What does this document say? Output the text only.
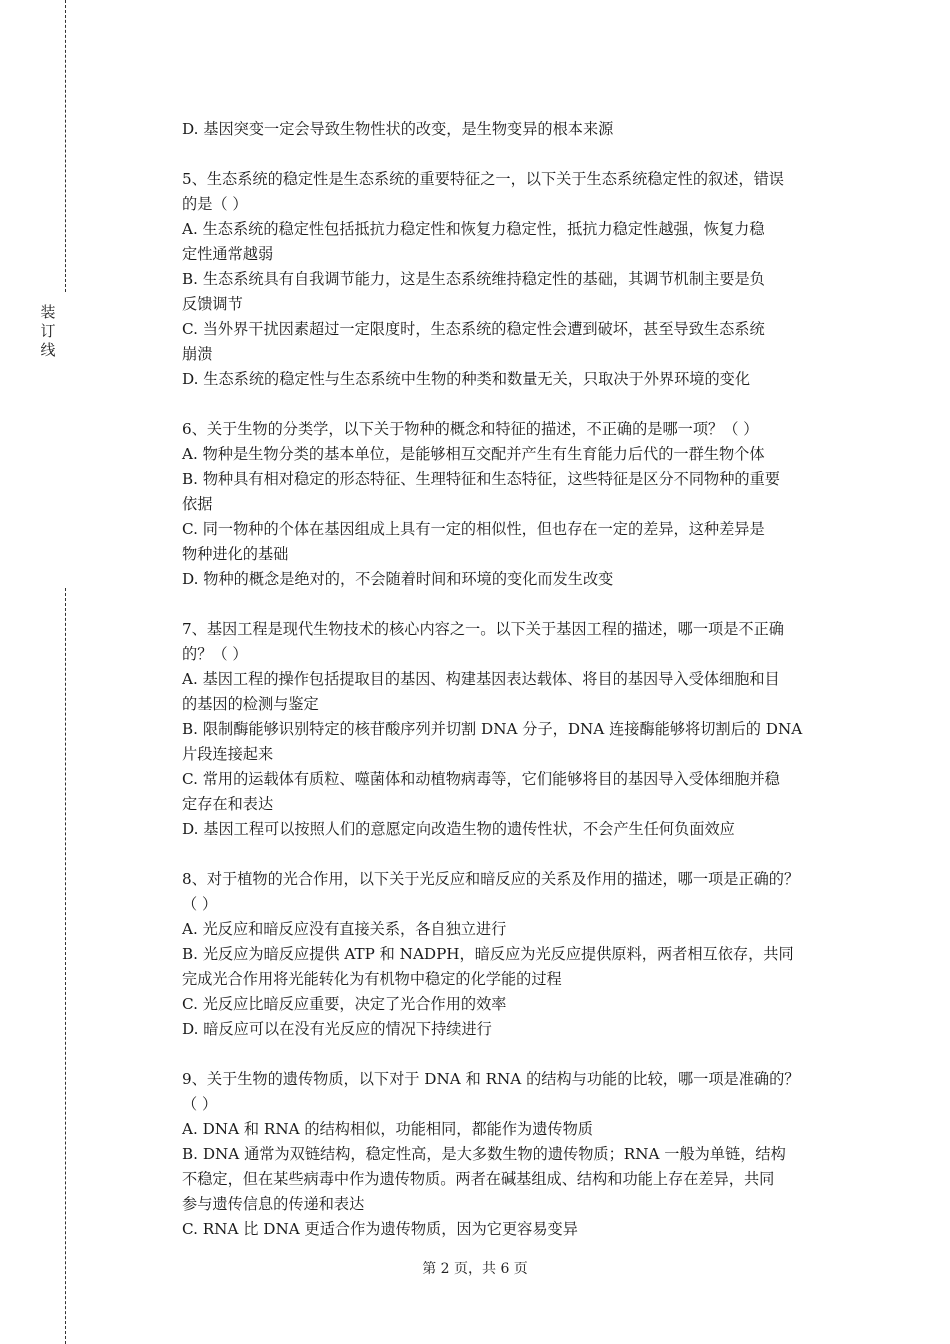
装
订
线
D. 基因突变一定会导致生物性状的改变，是生物变异的根本来源
5、生态系统的稳定性是生态系统的重要特征之一，以下关于生态系统稳定性的叙述，错误
的是（ ）
A. 生态系统的稳定性包括抵抗力稳定性和恢复力稳定性，抵抗力稳定性越强，恢复力稳
定性通常越弱
B. 生态系统具有自我调节能力，这是生态系统维持稳定性的基础，其调节机制主要是负
反馈调节
C. 当外界干扰因素超过一定限度时，生态系统的稳定性会遭到破坏，甚至导致生态系统
崩溃
D. 生态系统的稳定性与生态系统中生物的种类和数量无关，只取决于外界环境的变化
6、关于生物的分类学，以下关于物种的概念和特征的描述，不正确的是哪一项？（ ）
A. 物种是生物分类的基本单位，是能够相互交配并产生有生育能力后代的一群生物个体
B. 物种具有相对稳定的形态特征、生理特征和生态特征，这些特征是区分不同物种的重要
依据
C. 同一物种的个体在基因组成上具有一定的相似性，但也存在一定的差异，这种差异是
物种进化的基础
D. 物种的概念是绝对的，不会随着时间和环境的变化而发生改变
7、基因工程是现代生物技术的核心内容之一。以下关于基因工程的描述，哪一项是不正确
的？（ ）
A. 基因工程的操作包括提取目的基因、构建基因表达载体、将目的基因导入受体细胞和目
的基因的检测与鉴定
B. 限制酶能够识别特定的核苷酸序列并切割 DNA 分子，DNA 连接酶能够将切割后的 DNA
片段连接起来
C. 常用的运载体有质粒、噬菌体和动植物病毒等，它们能够将目的基因导入受体细胞并稳
定存在和表达
D. 基因工程可以按照人们的意愿定向改造生物的遗传性状，不会产生任何负面效应
8、对于植物的光合作用，以下关于光反应和暗反应的关系及作用的描述，哪一项是正确的？
（ ）
A. 光反应和暗反应没有直接关系，各自独立进行
B. 光反应为暗反应提供 ATP 和 NADPH，暗反应为光反应提供原料，两者相互依存，共同
完成光合作用将光能转化为有机物中稳定的化学能的过程
C. 光反应比暗反应重要，决定了光合作用的效率
D. 暗反应可以在没有光反应的情况下持续进行
9、关于生物的遗传物质，以下对于 DNA 和 RNA 的结构与功能的比较，哪一项是准确的？
（ ）
A. DNA 和 RNA 的结构相似，功能相同，都能作为遗传物质
B. DNA 通常为双链结构，稳定性高，是大多数生物的遗传物质；RNA 一般为单链，结构
不稳定，但在某些病毒中作为遗传物质。两者在碱基组成、结构和功能上存在差异，共同
参与遗传信息的传递和表达
C. RNA 比 DNA 更适合作为遗传物质，因为它更容易变异
第 2 页，共 6 页
